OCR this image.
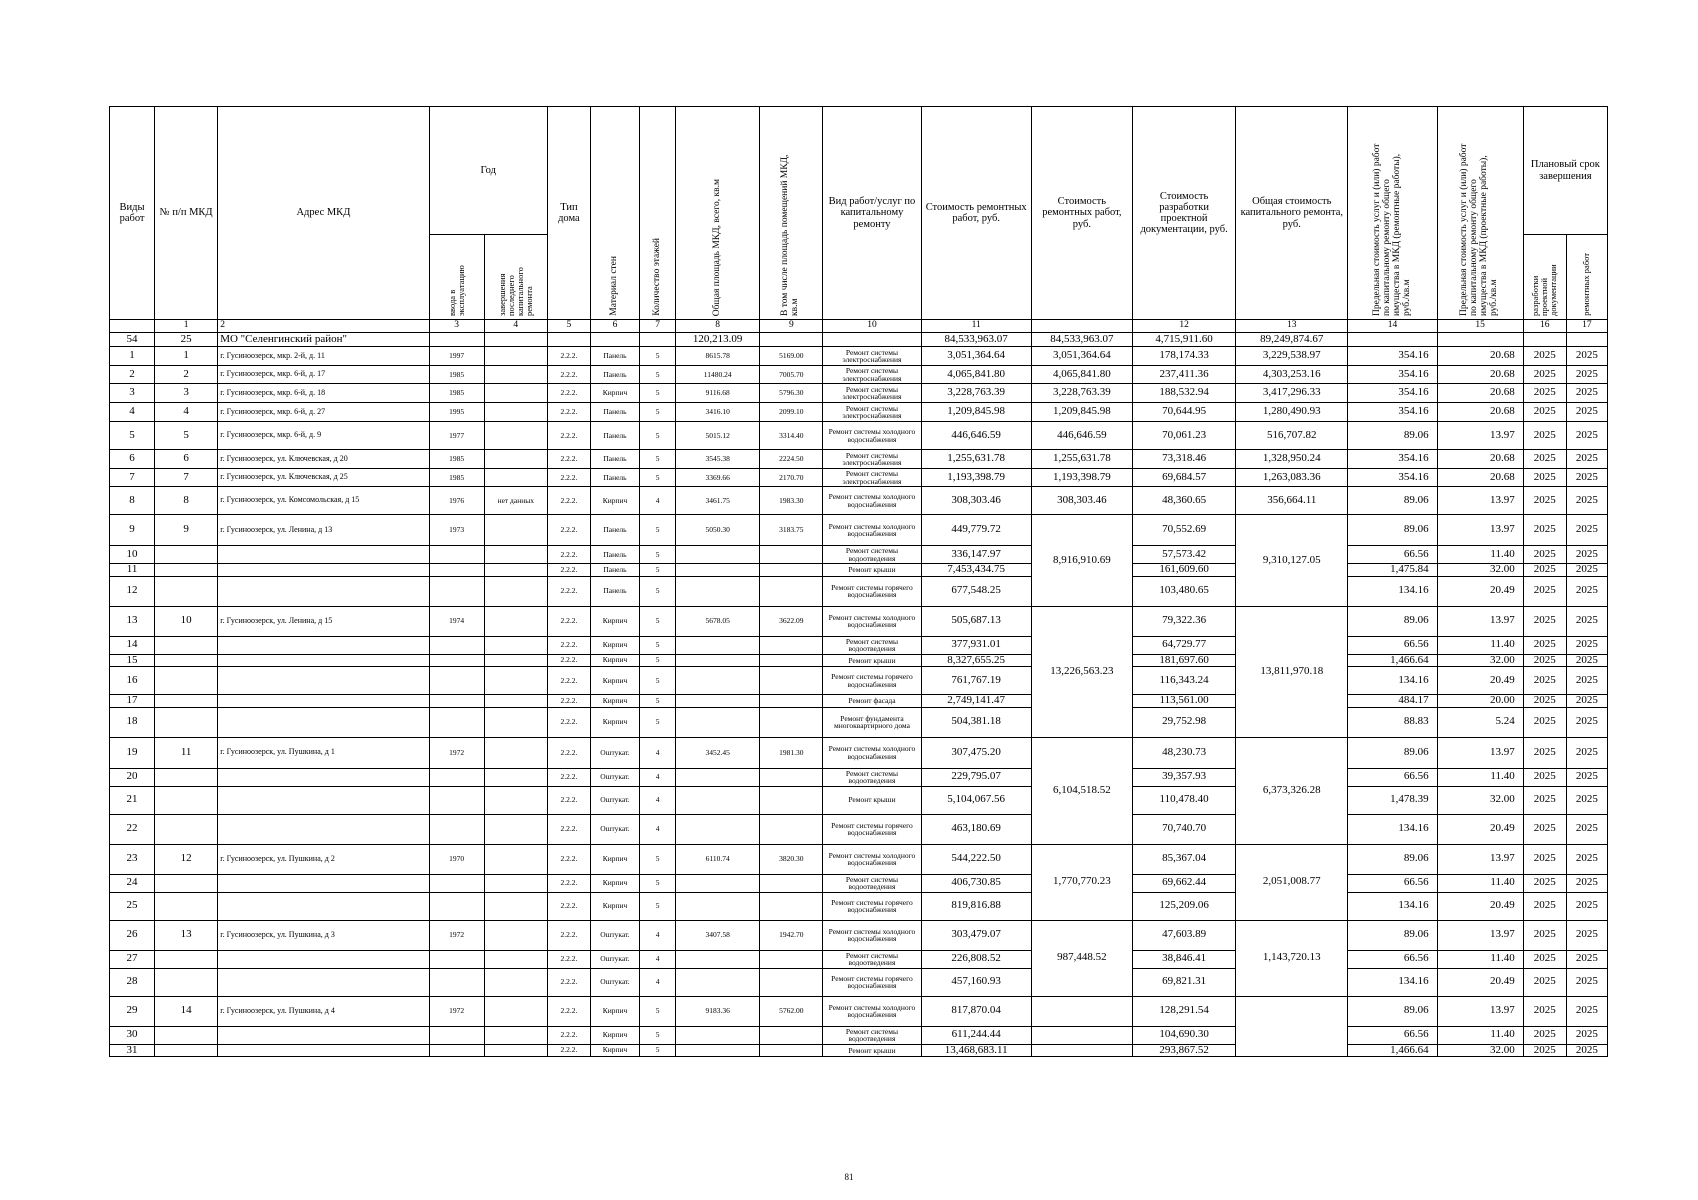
Виды работ	№ п/п МКД	Адрес МКД	Год		Тип дома	Материал стен	Количество этажей	Общая площадь МКД, всего, кв.м	В том числе площадь помещений МКД, кв.м	Вид работ/услуг по капитальному ремонту	Стоимость ремонтных работ, руб.	Стоимость ремонтных работ, руб.	Стоимость разработки проектной документации, руб.	Общая стоимость капитального ремонта, руб.	Предельная стоимость услуг и (или) работ по капитальному ремонту общего имущества в МКД (ремонтные работы), руб./кв.м	Предельная стоимость услуг и (или) работ по капитальному ремонту общего имущества в МКД (проектные работы), руб./кв.м	Плановый срок завершения	
			ввода в эксплуатацию	завершения последнего капитального ремонта													разработки проектной документации	ремонтных работ
	1	2	3	4	5	6	7	8	9	10	11		12	13	14	15	16	17
54	25	МО "Селенгинский район"						120,213.09			84,533,963.07	84,533,963.07	4,715,911.60	89,249,874.67				
1	1	г. Гусиноозерск, мкр. 2-й, д. 11	1997		2.2.2.	Панель	5	8615.78	5169.00	Ремонт системы электроснабжения	3,051,364.64	3,051,364.64	178,174.33	3,229,538.97	354.16	20.68	2025	2025
2	2	г. Гусиноозерск, мкр. 6-й, д. 17	1985		2.2.2.	Панель	5	11480.24	7005.70	Ремонт системы электроснабжения	4,065,841.80	4,065,841.80	237,411.36	4,303,253.16	354.16	20.68	2025	2025
3	3	г. Гусиноозерск, мкр. 6-й, д. 18	1985		2.2.2.	Кирпич	5	9116.68	5796.30	Ремонт системы электроснабжения	3,228,763.39	3,228,763.39	188,532.94	3,417,296.33	354.16	20.68	2025	2025
4	4	г. Гусиноозерск, мкр. 6-й, д. 27	1995		2.2.2.	Панель	5	3416.10	2099.10	Ремонт системы электроснабжения	1,209,845.98	1,209,845.98	70,644.95	1,280,490.93	354.16	20.68	2025	2025
5	5	г. Гусиноозерск, мкр. 6-й, д. 9	1977		2.2.2.	Панель	5	5015.12	3314.40	Ремонт системы холодного водоснабжения	446,646.59	446,646.59	70,061.23	516,707.82	89.06	13.97	2025	2025
6	6	г. Гусиноозерск, ул. Ключевская, д 20	1985		2.2.2.	Панель	5	3545.38	2224.50	Ремонт системы электроснабжения	1,255,631.78	1,255,631.78	73,318.46	1,328,950.24	354.16	20.68	2025	2025
7	7	г. Гусиноозерск, ул. Ключевская, д 25	1985		2.2.2.	Панель	5	3369.66	2170.70	Ремонт системы электроснабжения	1,193,398.79	1,193,398.79	69,684.57	1,263,083.36	354.16	20.68	2025	2025
8	8	г. Гусиноозерск, ул. Комсомольская, д 15	1976	нет данных	2.2.2.	Кирпич	4	3461.75	1983.30	Ремонт системы холодного водоснабжения	308,303.46	308,303.46	48,360.65	356,664.11	89.06	13.97	2025	2025
9	9	г. Гусиноозерск, ул. Ленина, д 13	1973		2.2.2.	Панель	5	5050.30	3183.75	Ремонт системы холодного водоснабжения	449,779.72	8,916,910.69	70,552.69	9,310,127.05	89.06	13.97	2025	2025
10					2.2.2.	Панель	5			Ремонт системы водоотведения	336,147.97		57,573.42		66.56	11.40	2025	2025
11					2.2.2.	Панель	5			Ремонт крыши	7,453,434.75		161,609.60		1,475.84	32.00	2025	2025
12					2.2.2.	Панель	5			Ремонт системы горячего водоснабжения	677,548.25		103,480.65		134.16	20.49	2025	2025
13	10	г. Гусиноозерск, ул. Ленина, д 15	1974		2.2.2.	Кирпич	5	5678.05	3622.09	Ремонт системы холодного водоснабжения	505,687.13	13,226,563.23	79,322.36	13,811,970.18	89.06	13.97	2025	2025
14					2.2.2.	Кирпич	5			Ремонт системы водоотведения	377,931.01		64,729.77		66.56	11.40	2025	2025
15					2.2.2.	Кирпич	5			Ремонт крыши	8,327,655.25		181,697.60		1,466.64	32.00	2025	2025
16					2.2.2.	Кирпич	5			Ремонт системы горячего водоснабжения	761,767.19		116,343.24		134.16	20.49	2025	2025
17					2.2.2.	Кирпич	5			Ремонт фасада	2,749,141.47		113,561.00		484.17	20.00	2025	2025
18					2.2.2.	Кирпич	5			Ремонт фундамента многоквартирного дома	504,381.18		29,752.98		88.83	5.24	2025	2025
19	11	г. Гусиноозерск, ул. Пушкина, д 1	1972		2.2.2.	Оштукат.	4	3452.45	1981.30	Ремонт системы холодного водоснабжения	307,475.20	6,104,518.52	48,230.73	6,373,326.28	89.06	13.97	2025	2025
20					2.2.2.	Оштукат.	4			Ремонт системы водоотведения	229,795.07		39,357.93		66.56	11.40	2025	2025
21					2.2.2.	Оштукат.	4			Ремонт крыши	5,104,067.56		110,478.40		1,478.39	32.00	2025	2025
22					2.2.2.	Оштукат.	4			Ремонт системы горячего водоснабжения	463,180.69		70,740.70		134.16	20.49	2025	2025
23	12	г. Гусиноозерск, ул. Пушкина, д 2	1970		2.2.2.	Кирпич	5	6110.74	3820.30	Ремонт системы холодного водоснабжения	544,222.50	1,770,770.23	85,367.04	2,051,008.77	89.06	13.97	2025	2025
24					2.2.2.	Кирпич	5			Ремонт системы водоотведения	406,730.85		69,662.44		66.56	11.40	2025	2025
25					2.2.2.	Кирпич	5			Ремонт системы горячего водоснабжения	819,816.88		125,209.06		134.16	20.49	2025	2025
26	13	г. Гусиноозерск, ул. Пушкина, д 3	1972		2.2.2.	Оштукат.	4	3407.58	1942.70	Ремонт системы холодного водоснабжения	303,479.07	987,448.52	47,603.89	1,143,720.13	89.06	13.97	2025	2025
27					2.2.2.	Оштукат.	4			Ремонт системы водоотведения	226,808.52		38,846.41		66.56	11.40	2025	2025
28					2.2.2.	Оштукат.	4			Ремонт системы горячего водоснабжения	457,160.93		69,821.31		134.16	20.49	2025	2025
29	14	г. Гусиноозерск, ул. Пушкина, д 4	1972		2.2.2.	Кирпич	5	9183.36	5762.00	Ремонт системы холодного водоснабжения	817,870.04		128,291.54		89.06	13.97	2025	2025
30					2.2.2.	Кирпич	5			Ремонт системы водоотведения	611,244.44		104,690.30		66.56	11.40	2025	2025
31					2.2.2.	Кирпич	5			Ремонт крыши	13,468,683.11		293,867.52		1,466.64	32.00	2025	2025
81
